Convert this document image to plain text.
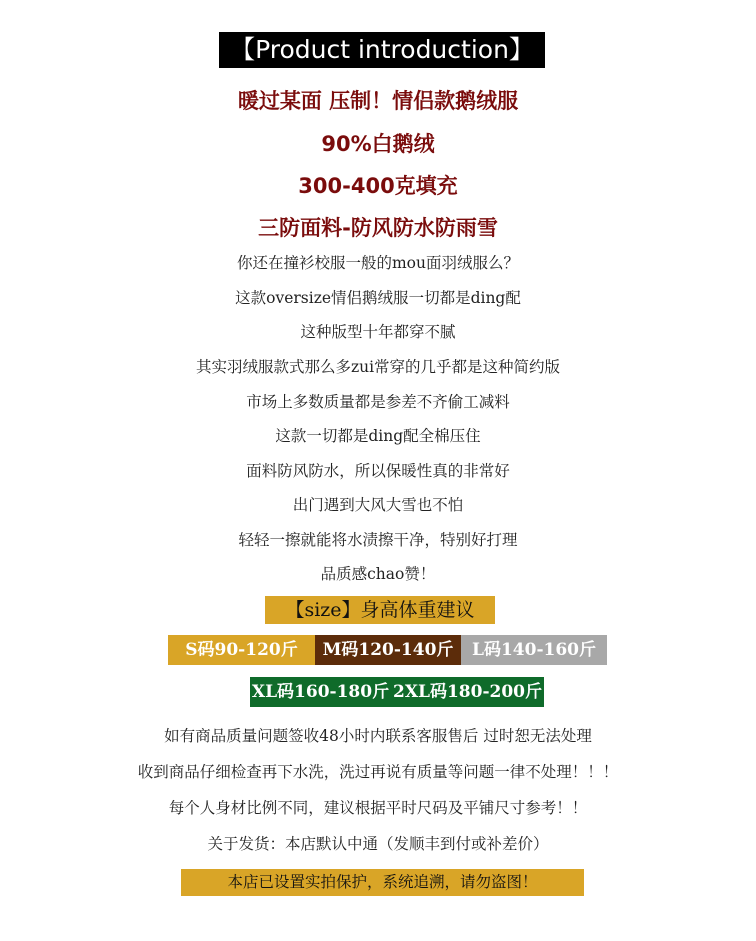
【Product introduction】
暖过某面 压制！情侣款鹅绒服
90%白鹅绒
300-400克填充
三防面料-防风防水防雨雪
你还在撞衫校服一般的mou面羽绒服么？
这款oversize情侣鹅绒服一切都是ding配
这种版型十年都穿不腻
其实羽绒服款式那么多zui常穿的几乎都是这种简约版
市场上多数质量都是参差不齐偷工减料
这款一切都是ding配全棉压住
面料防风防水，所以保暖性真的非常好
出门遇到大风大雪也不怕
轻轻一擦就能将水渍擦干净，特别好打理
品质感chao赞！
【size】身高体重建议
S码90-120斤	M码120-140斤	L码140-160斤
XL码160-180斤 2XL码180-200斤
如有商品质量问题签收48小时内联系客服售后 过时恕无法处理
收到商品仔细检查再下水洗，洗过再说有质量等问题一律不处理！！！
每个人身材比例不同，建议根据平时尺码及平铺尺寸参考！！
关于发货：本店默认中通（发顺丰到付或补差价）
本店已设置实拍保护，系统追溯，请勿盗图！
